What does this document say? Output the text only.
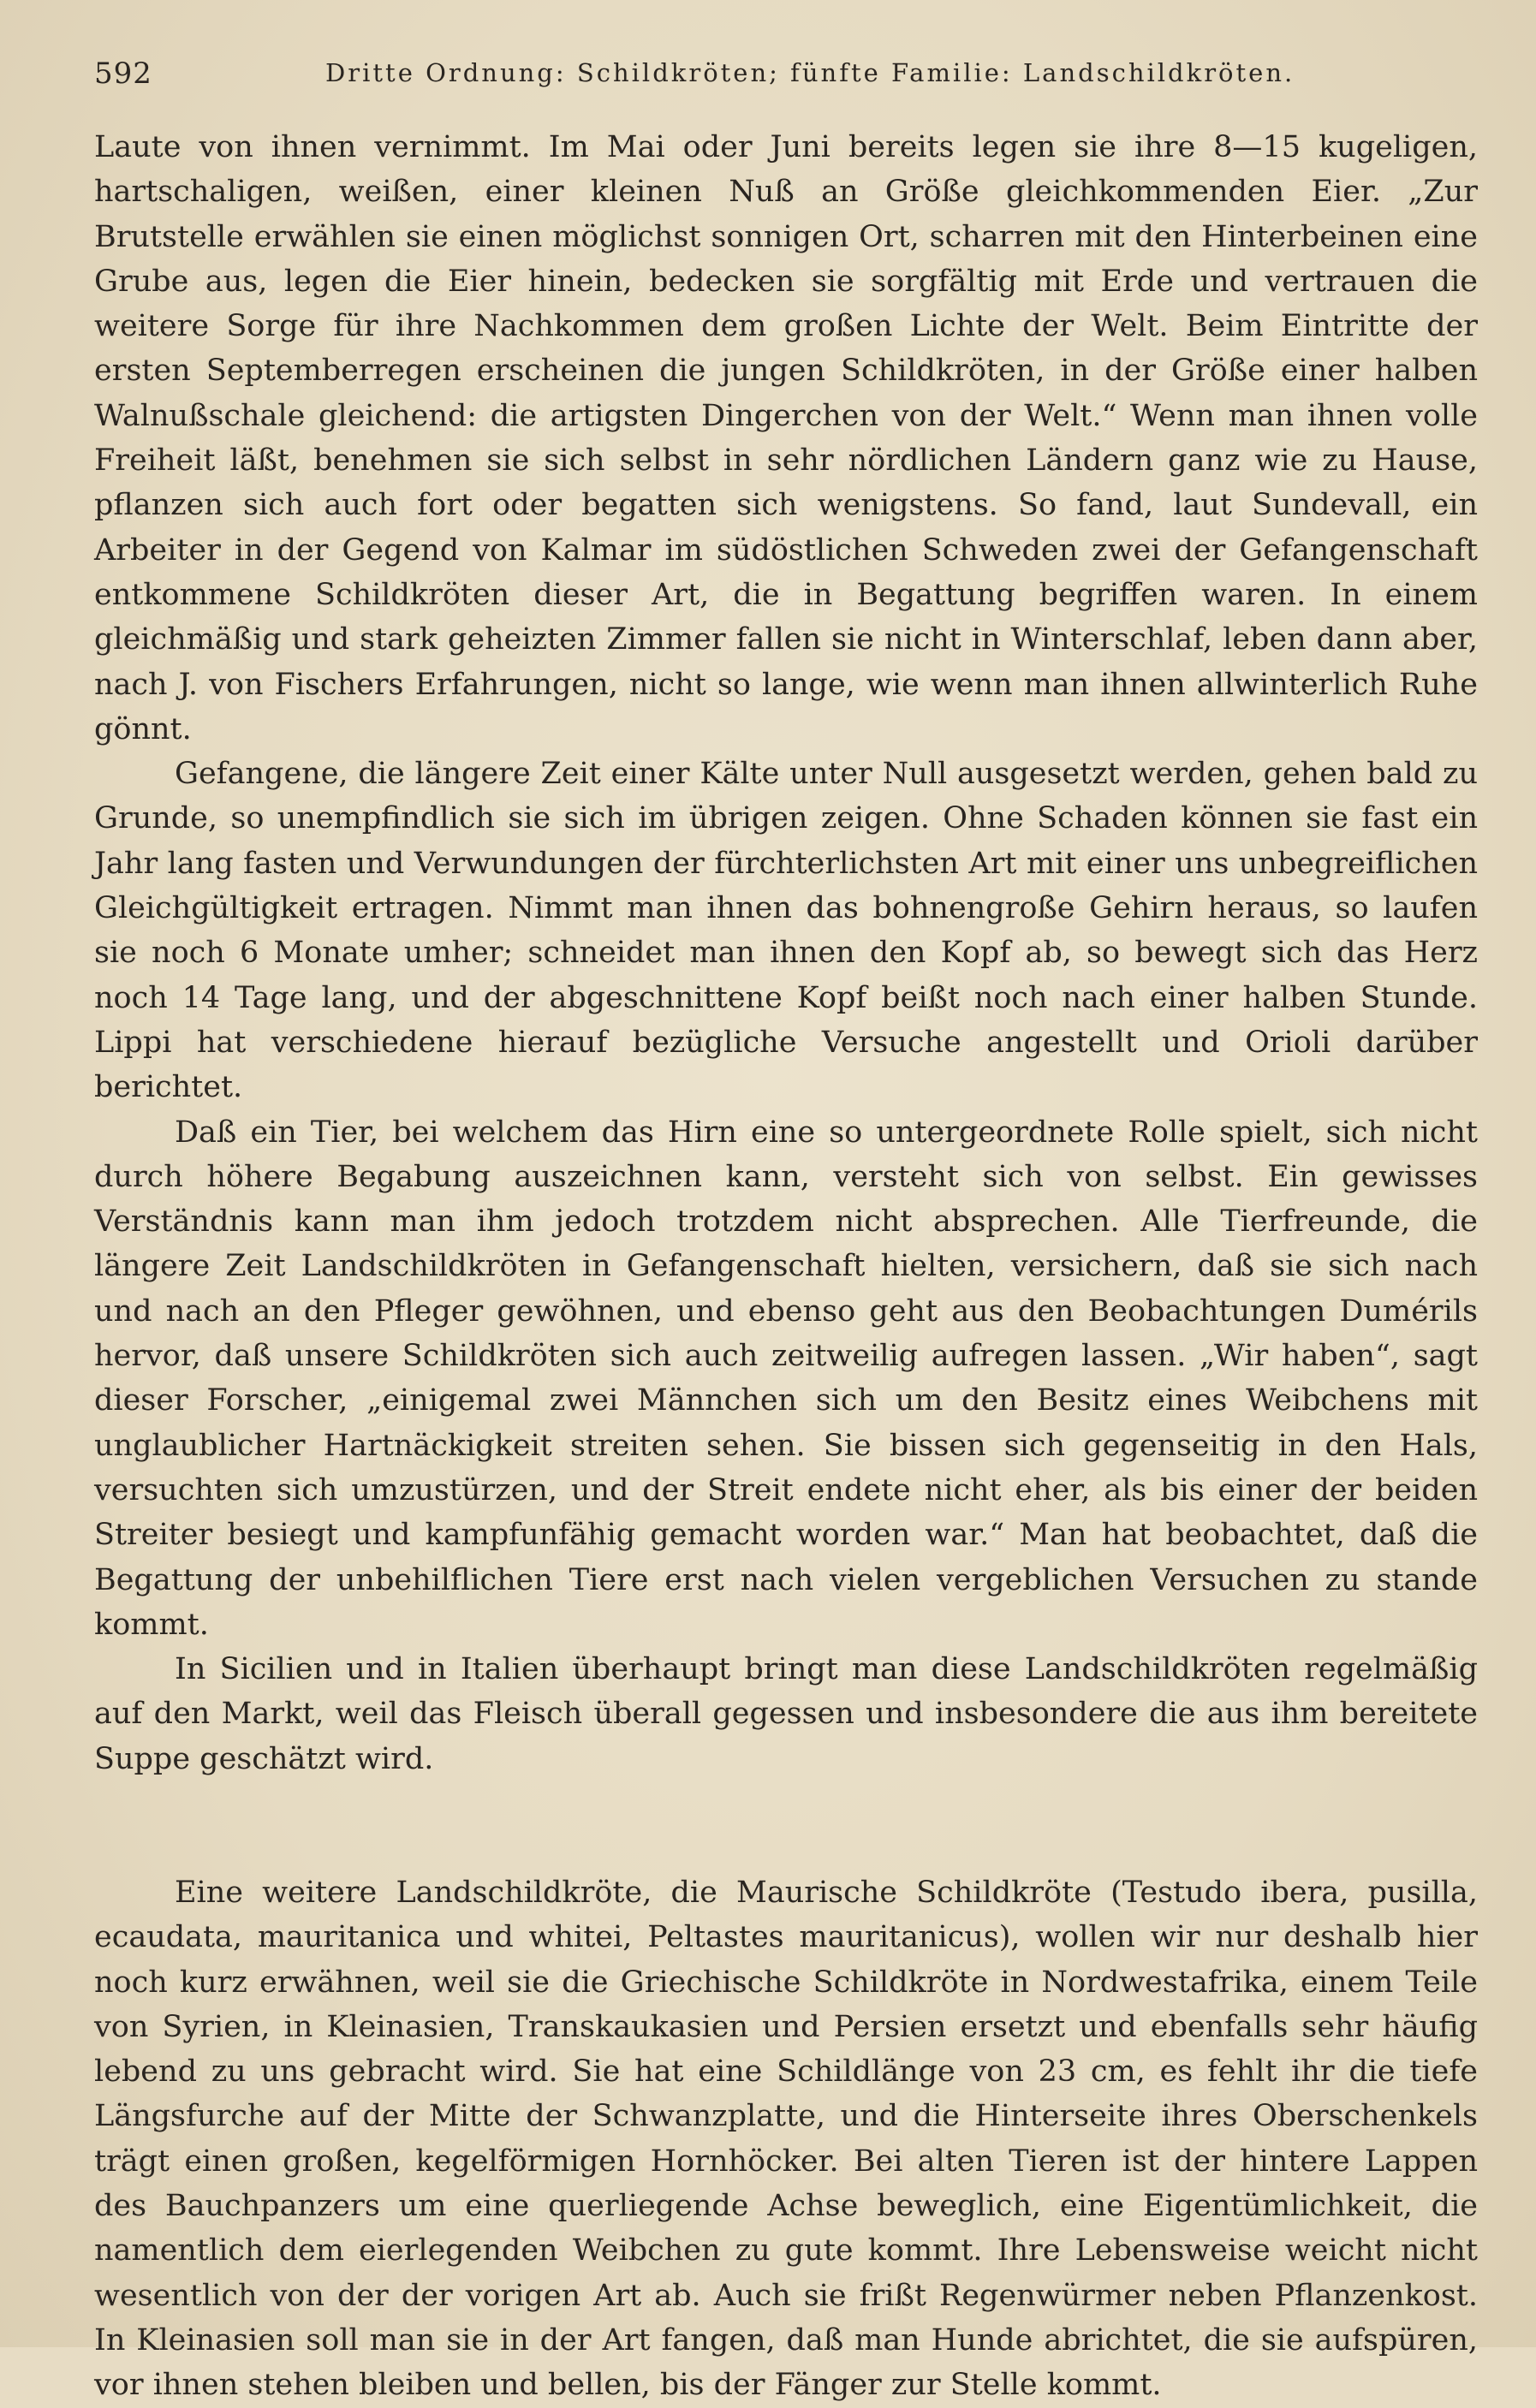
592	Dritte Ordnung: Schildkröten; fünfte Familie: Landschildkröten.

Laute von ihnen vernimmt. Im Mai oder Juni bereits legen sie ihre 8—15 kugeligen, hartschaligen, weißen, einer kleinen Nuß an Größe gleichkommenden Eier. „Zur Brutstelle erwählen sie einen möglichst sonnigen Ort, scharren mit den Hinterbeinen eine Grube aus, legen die Eier hinein, bedecken sie sorgfältig mit Erde und vertrauen die weitere Sorge für ihre Nachkommen dem großen Lichte der Welt. Beim Eintritte der ersten Septemberregen erscheinen die jungen Schildkröten, in der Größe einer halben Walnußschale gleichend: die artigsten Dingerchen von der Welt.“ Wenn man ihnen volle Freiheit läßt, benehmen sie sich selbst in sehr nördlichen Ländern ganz wie zu Hause, pflanzen sich auch fort oder begatten sich wenigstens. So fand, laut Sundevall, ein Arbeiter in der Gegend von Kalmar im südöstlichen Schweden zwei der Gefangenschaft entkommene Schildkröten dieser Art, die in Begattung begriffen waren. In einem gleichmäßig und stark geheizten Zimmer fallen sie nicht in Winterschlaf, leben dann aber, nach J. von Fischers Erfahrungen, nicht so lange, wie wenn man ihnen allwinterlich Ruhe gönnt.

Gefangene, die längere Zeit einer Kälte unter Null ausgesetzt werden, gehen bald zu Grunde, so unempfindlich sie sich im übrigen zeigen. Ohne Schaden können sie fast ein Jahr lang fasten und Verwundungen der fürchterlichsten Art mit einer uns unbegreiflichen Gleichgültigkeit ertragen. Nimmt man ihnen das bohnengroße Gehirn heraus, so laufen sie noch 6 Monate umher; schneidet man ihnen den Kopf ab, so bewegt sich das Herz noch 14 Tage lang, und der abgeschnittene Kopf beißt noch nach einer halben Stunde. Lippi hat verschiedene hierauf bezügliche Versuche angestellt und Orioli darüber berichtet.

Daß ein Tier, bei welchem das Hirn eine so untergeordnete Rolle spielt, sich nicht durch höhere Begabung auszeichnen kann, versteht sich von selbst. Ein gewisses Verständnis kann man ihm jedoch trotzdem nicht absprechen. Alle Tierfreunde, die längere Zeit Landschildkröten in Gefangenschaft hielten, versichern, daß sie sich nach und nach an den Pfleger gewöhnen, und ebenso geht aus den Beobachtungen Dumérils hervor, daß unsere Schildkröten sich auch zeitweilig aufregen lassen. „Wir haben“, sagt dieser Forscher, „einigemal zwei Männchen sich um den Besitz eines Weibchens mit unglaublicher Hartnäckigkeit streiten sehen. Sie bissen sich gegenseitig in den Hals, versuchten sich umzustürzen, und der Streit endete nicht eher, als bis einer der beiden Streiter besiegt und kampfunfähig gemacht worden war.“ Man hat beobachtet, daß die Begattung der unbehilflichen Tiere erst nach vielen vergeblichen Versuchen zu stande kommt.

In Sicilien und in Italien überhaupt bringt man diese Landschildkröten regelmäßig auf den Markt, weil das Fleisch überall gegessen und insbesondere die aus ihm bereitete Suppe geschätzt wird.

Eine weitere Landschildkröte, die Maurische Schildkröte (Testudo ibera, pusilla, ecaudata, mauritanica und whitei, Peltastes mauritanicus), wollen wir nur deshalb hier noch kurz erwähnen, weil sie die Griechische Schildkröte in Nordwestafrika, einem Teile von Syrien, in Kleinasien, Transkaukasien und Persien ersetzt und ebenfalls sehr häufig lebend zu uns gebracht wird. Sie hat eine Schildlänge von 23 cm, es fehlt ihr die tiefe Längsfurche auf der Mitte der Schwanzplatte, und die Hinterseite ihres Oberschenkels trägt einen großen, kegelförmigen Hornhöcker. Bei alten Tieren ist der hintere Lappen des Bauchpanzers um eine querliegende Achse beweglich, eine Eigentümlichkeit, die namentlich dem eierlegenden Weibchen zu gute kommt. Ihre Lebensweise weicht nicht wesentlich von der der vorigen Art ab. Auch sie frißt Regenwürmer neben Pflanzenkost. In Kleinasien soll man sie in der Art fangen, daß man Hunde abrichtet, die sie aufspüren, vor ihnen stehen bleiben und bellen, bis der Fänger zur Stelle kommt.
